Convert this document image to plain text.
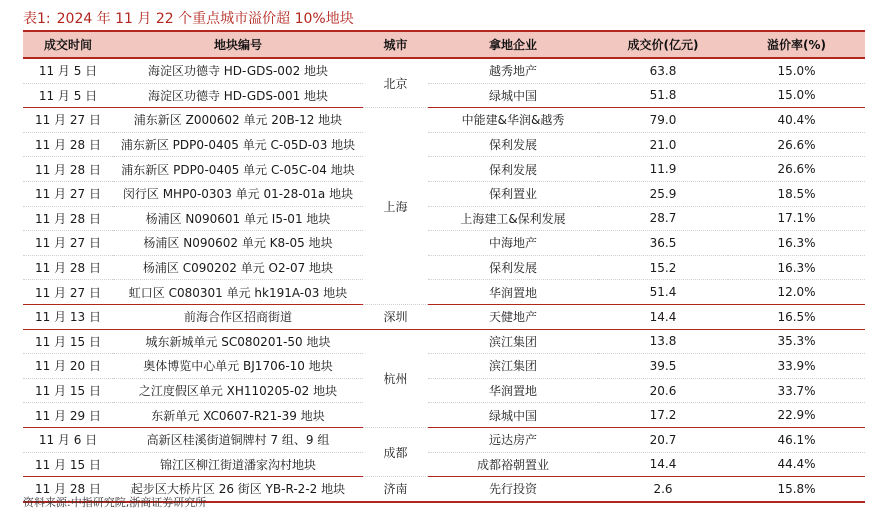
表1: 2024 年 11 月 22 个重点城市溢价超 10%地块
成交时间	地块编号	城市	拿地企业	成交价(亿元)	溢价率(%)
11 月 5 日	海淀区功德寺 HD-GDS-002 地块	北京	越秀地产	63.8	15.0%
11 月 5 日	海淀区功德寺 HD-GDS-001 地块		绿城中国	51.8	15.0%
11 月 27 日	浦东新区 Z000602 单元 20B-12 地块	上海	中能建&华润&越秀	79.0	40.4%
11 月 28 日	浦东新区 PDP0-0405 单元 C-05D-03 地块		保利发展	21.0	26.6%
11 月 28 日	浦东新区 PDP0-0405 单元 C-05C-04 地块		保利发展	11.9	26.6%
11 月 27 日	闵行区 MHP0-0303 单元 01-28-01a 地块		保利置业	25.9	18.5%
11 月 28 日	杨浦区 N090601 单元 I5-01 地块		上海建工&保利发展	28.7	17.1%
11 月 27 日	杨浦区 N090602 单元 K8-05 地块		中海地产	36.5	16.3%
11 月 28 日	杨浦区 C090202 单元 O2-07 地块		保利发展	15.2	16.3%
11 月 27 日	虹口区 C080301 单元 hk191A-03 地块		华润置地	51.4	12.0%
11 月 13 日	前海合作区招商街道	深圳	天健地产	14.4	16.5%
11 月 15 日	城东新城单元 SC080201-50 地块	杭州	滨江集团	13.8	35.3%
11 月 20 日	奥体博览中心单元 BJ1706-10 地块		滨江集团	39.5	33.9%
11 月 15 日	之江度假区单元 XH110205-02 地块		华润置地	20.6	33.7%
11 月 29 日	东新单元 XC0607-R21-39 地块		绿城中国	17.2	22.9%
11 月 6 日	高新区桂溪街道铜牌村 7 组、9 组	成都	远达房产	20.7	46.1%
11 月 15 日	锦江区柳江街道潘家沟村地块		成都裕朝置业	14.4	44.4%
11 月 28 日	起步区大桥片区 26 街区 YB-R-2-2 地块	济南	先行投资	2.6	15.8%
资料来源:中指研究院,浙商证券研究所
